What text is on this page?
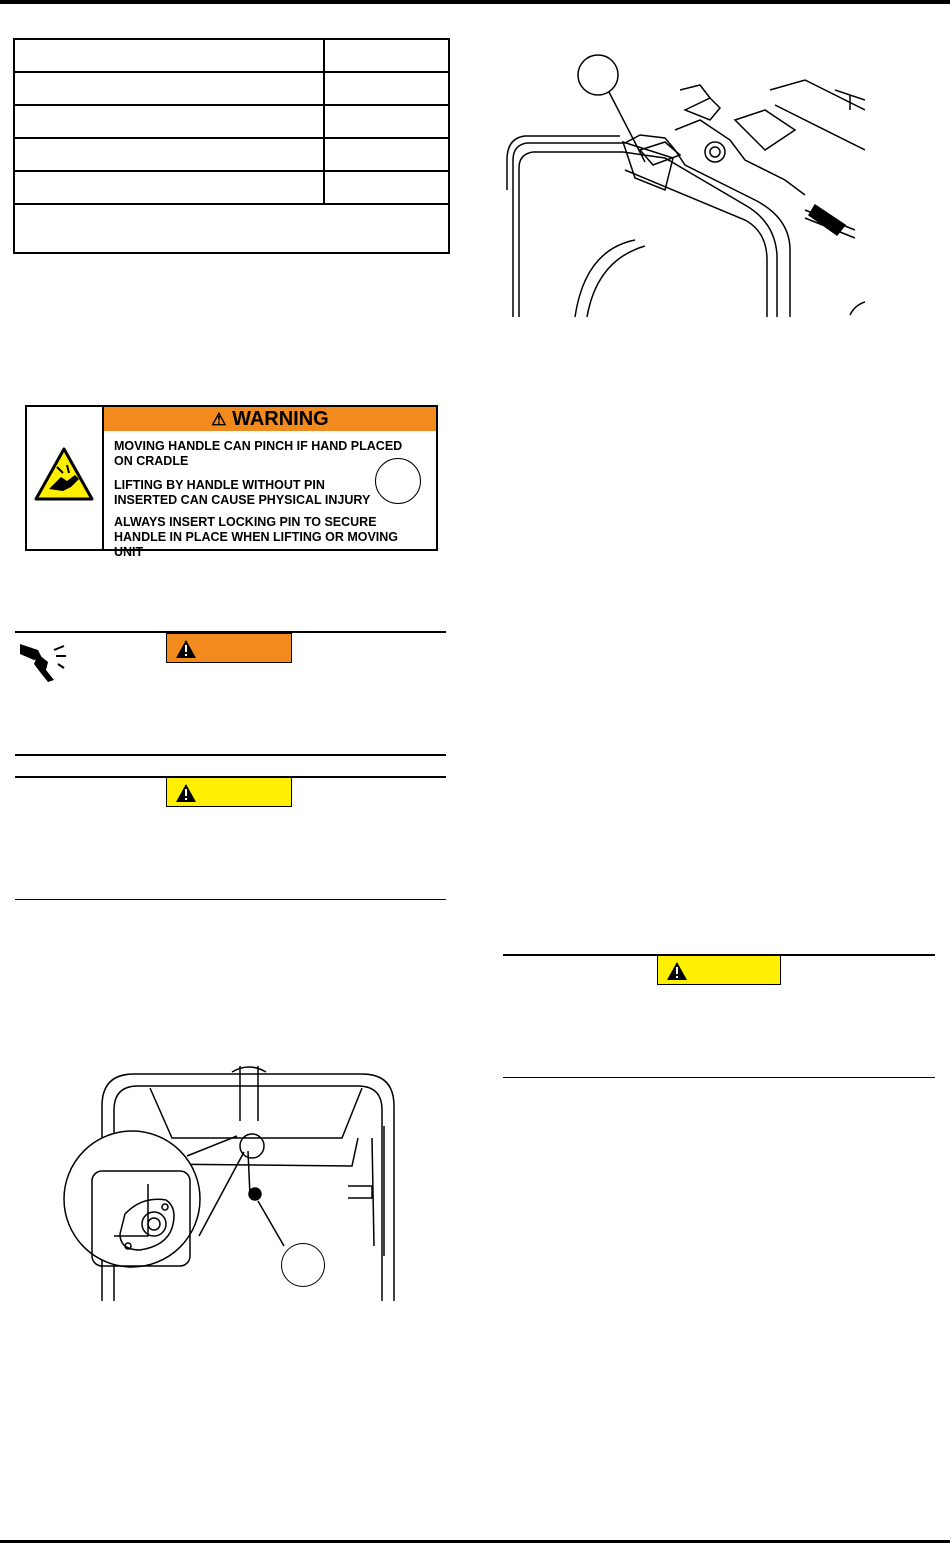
⚠ WARNING
MOVING HANDLE CAN PINCH IF HAND PLACED ON CRADLE
LIFTING BY HANDLE WITHOUT PIN INSERTED CAN CAUSE PHYSICAL INJURY
ALWAYS INSERT LOCKING PIN TO SECURE HANDLE IN PLACE WHEN LIFTING OR MOVING UNIT
